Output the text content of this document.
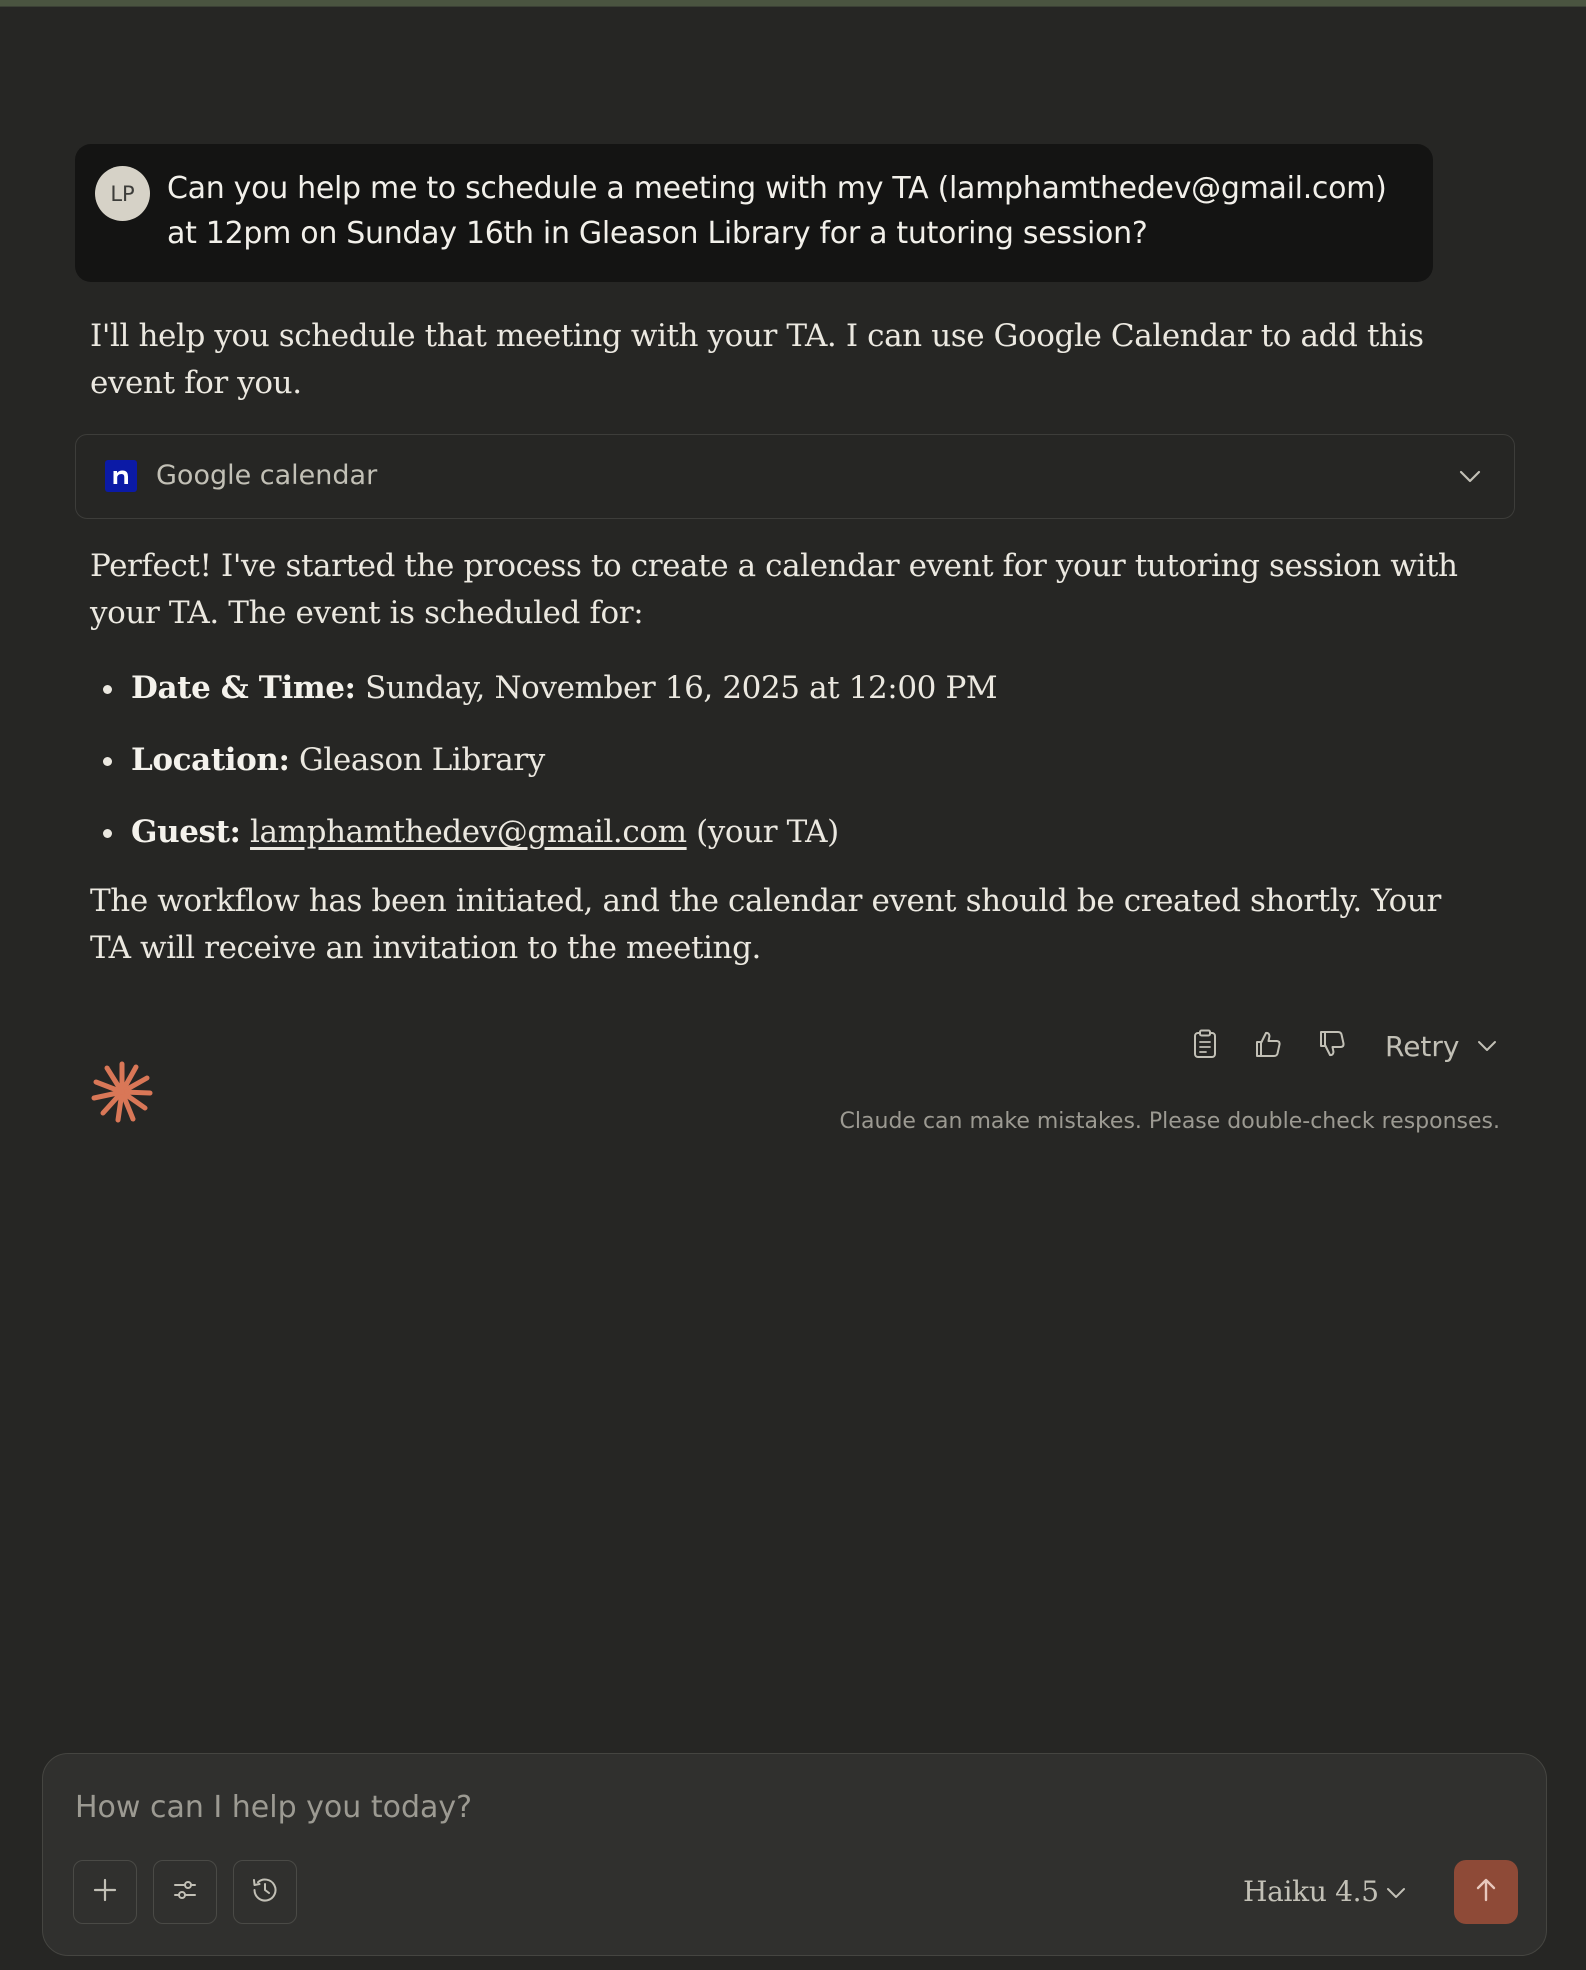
LP	Can you help me to schedule a meeting with my TA (lamphamthedev@gmail.com) at 12pm on Sunday 16th in Gleason Library for a tutoring session?
I'll help you schedule that meeting with your TA. I can use Google Calendar to add this event for you.
Google calendar
Perfect! I've started the process to create a calendar event for your tutoring session with your TA. The event is scheduled for:
Date & Time: Sunday, November 16, 2025 at 12:00 PM
Location: Gleason Library
Guest: lamphamthedev@gmail.com (your TA)
The workflow has been initiated, and the calendar event should be created shortly. Your TA will receive an invitation to the meeting.
Retry
Claude can make mistakes. Please double-check responses.
How can I help you today?
Haiku 4.5
